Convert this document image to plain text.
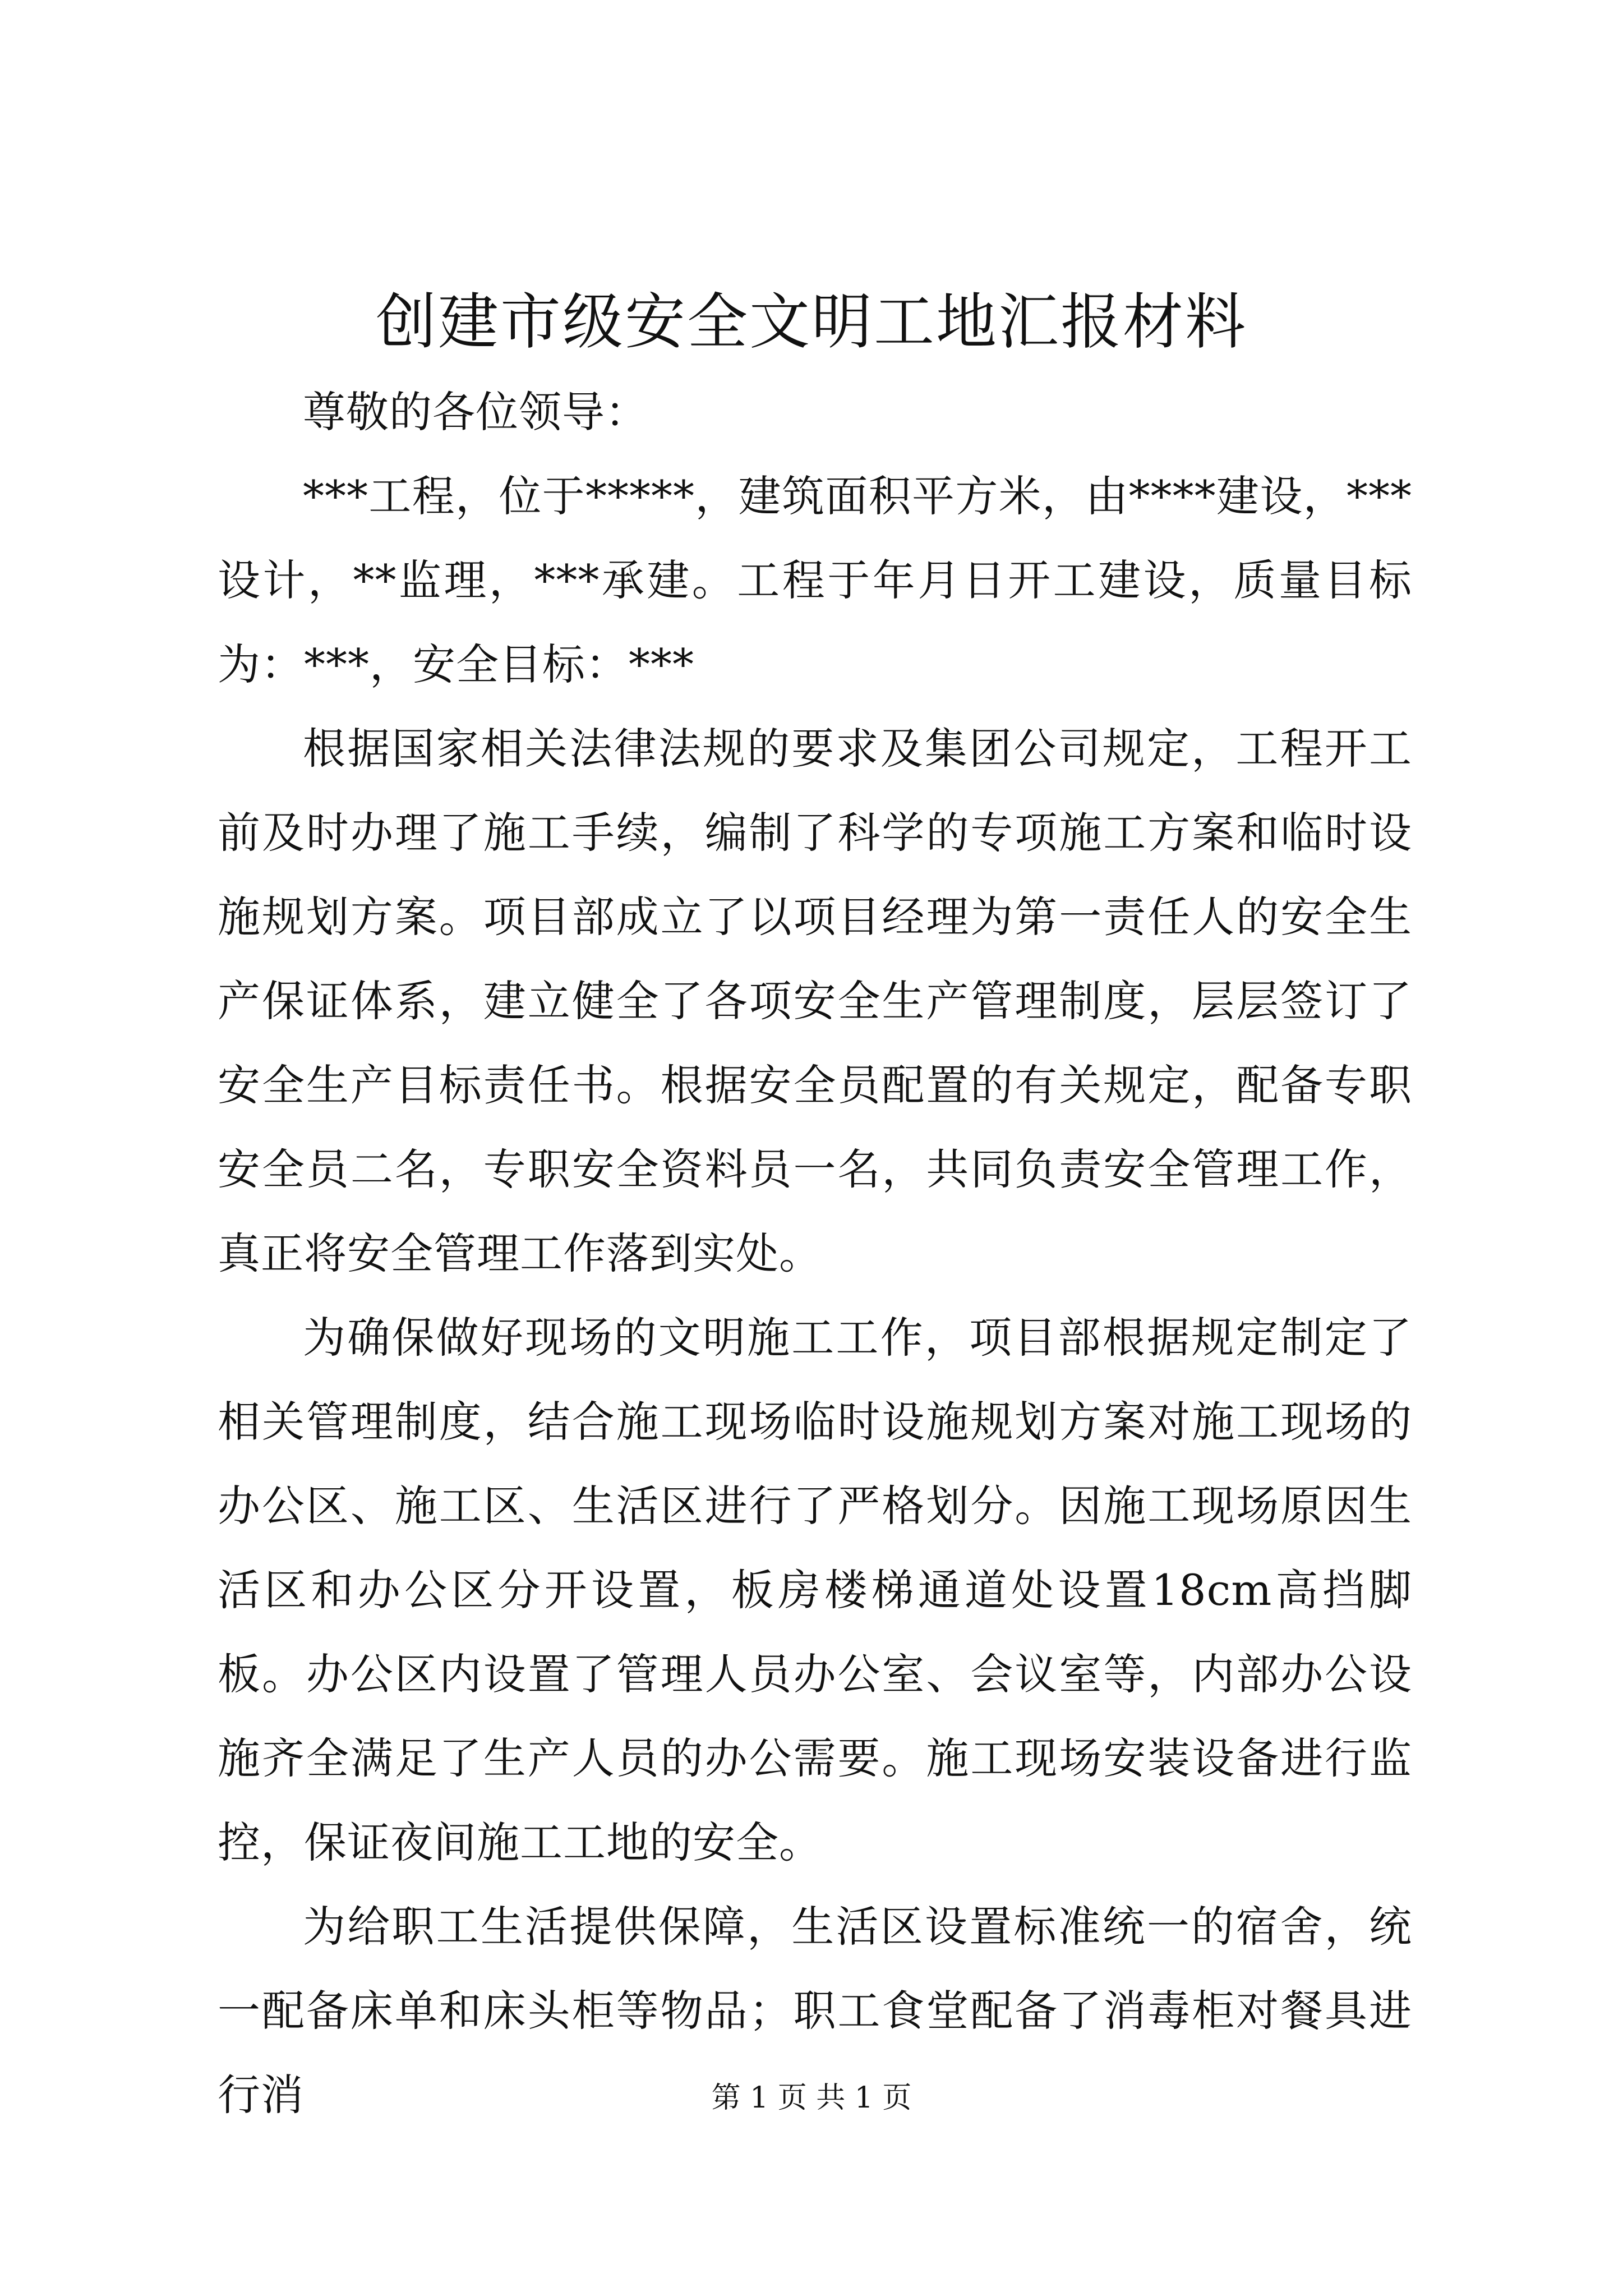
创建市级安全文明工地汇报材料

尊敬的各位领导：

***工程，位于*****，建筑面积平方米，由****建设，***设计，**监理，***承建。工程于年月日开工建设，质量目标为：***，安全目标：***

根据国家相关法律法规的要求及集团公司规定，工程开工前及时办理了施工手续，编制了科学的专项施工方案和临时设施规划方案。项目部成立了以项目经理为第一责任人的安全生产保证体系，建立健全了各项安全生产管理制度，层层签订了安全生产目标责任书。根据安全员配置的有关规定，配备专职安全员二名，专职安全资料员一名，共同负责安全管理工作，真正将安全管理工作落到实处。

为确保做好现场的文明施工工作，项目部根据规定制定了相关管理制度，结合施工现场临时设施规划方案对施工现场的办公区、施工区、生活区进行了严格划分。因施工现场原因生活区和办公区分开设置，板房楼梯通道处设置18cm高挡脚板。办公区内设置了管理人员办公室、会议室等，内部办公设施齐全满足了生产人员的办公需要。施工现场安装设备进行监控，保证夜间施工工地的安全。

为给职工生活提供保障，生活区设置标准统一的宿舍，统一配备床单和床头柜等物品；职工食堂配备了消毒柜对餐具进行消	第 1 页 共 1 页
